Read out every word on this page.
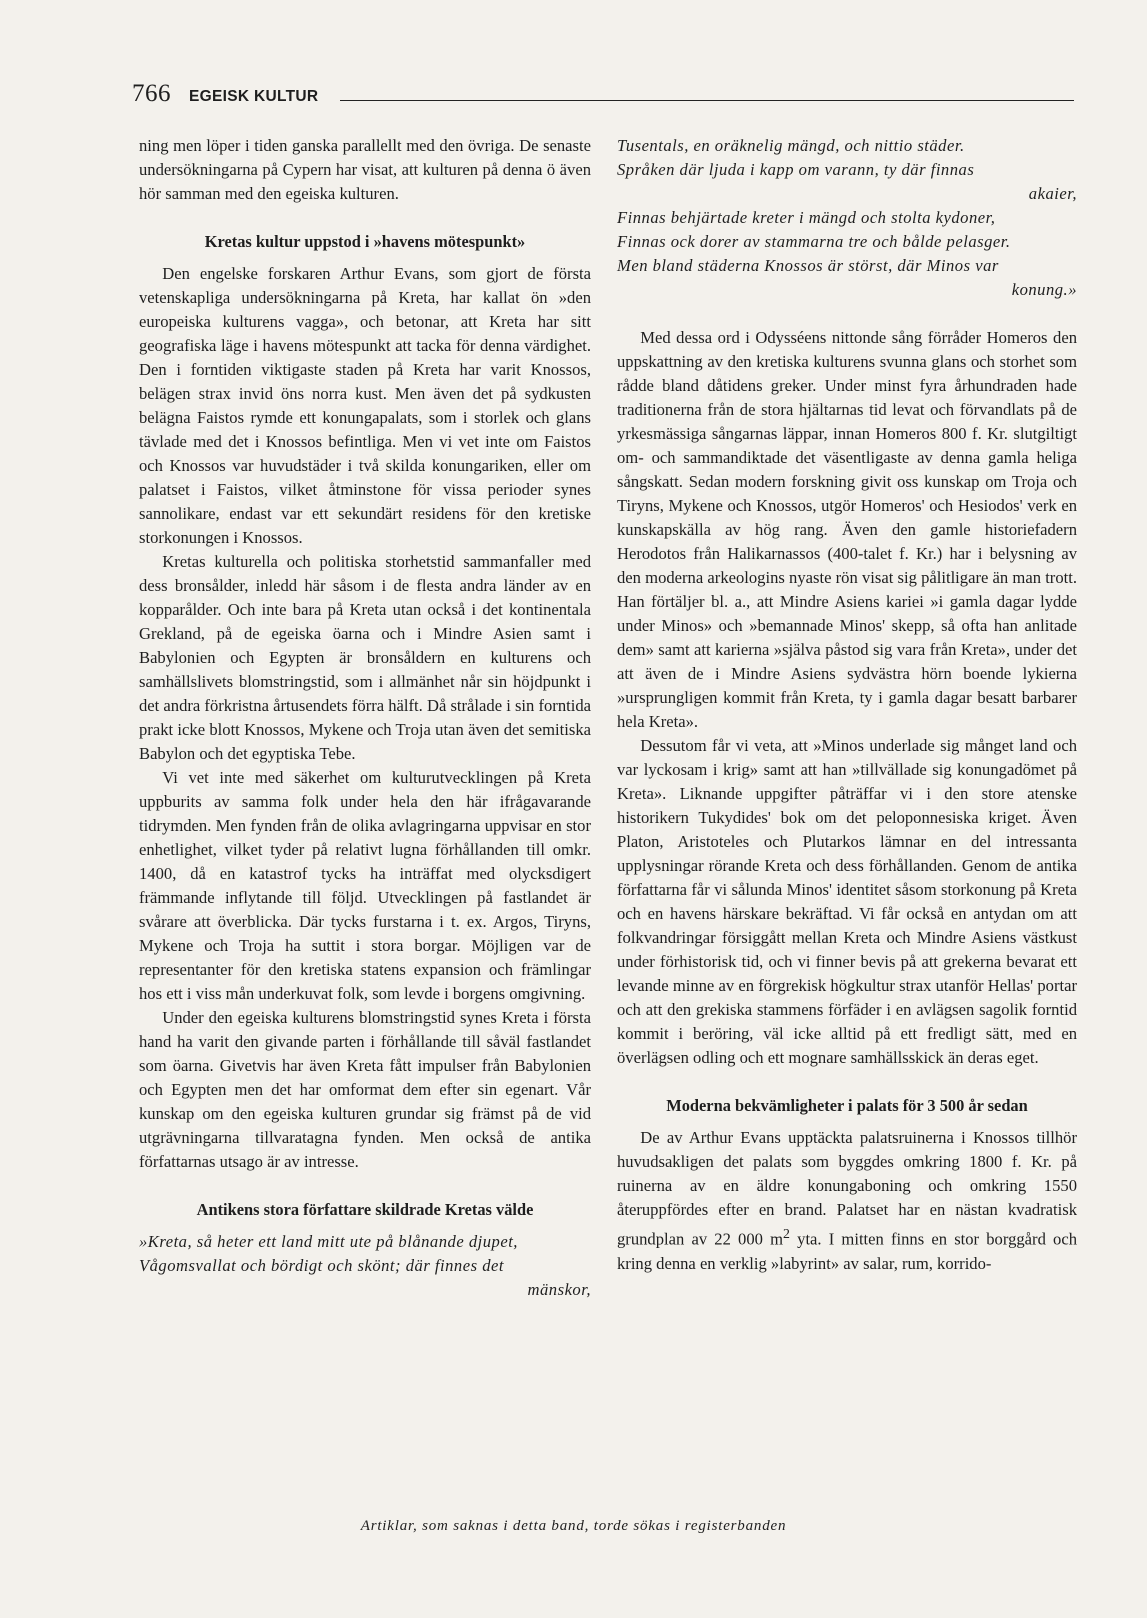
766 EGEISK KULTUR

ning men löper i tiden ganska parallellt med den övriga. De senaste undersökningarna på Cypern har visat, att kulturen på denna ö även hör samman med den egeiska kulturen.

Kretas kultur uppstod i »havens mötespunkt»

Den engelske forskaren Arthur Evans, som gjort de första vetenskapliga undersökningarna på Kreta, har kallat ön »den europeiska kulturens vagga», och betonar, att Kreta har sitt geografiska läge i havens mötespunkt att tacka för denna värdighet. Den i forntiden viktigaste staden på Kreta har varit Knossos, belägen strax invid öns norra kust. Men även det på sydkusten belägna Faistos rymde ett konungapalats, som i storlek och glans tävlade med det i Knossos befintliga. Men vi vet inte om Faistos och Knossos var huvudstäder i två skilda konungariken, eller om palatset i Faistos, vilket åtminstone för vissa perioder synes sannolikare, endast var ett sekundärt residens för den kretiske storkonungen i Knossos.

Kretas kulturella och politiska storhetstid sammanfaller med dess bronsålder, inledd här såsom i de flesta andra länder av en kopparålder. Och inte bara på Kreta utan också i det kontinentala Grekland, på de egeiska öarna och i Mindre Asien samt i Babylonien och Egypten är bronsåldern en kulturens och samhällslivets blomstringstid, som i allmänhet når sin höjdpunkt i det andra förkristna årtusendets förra hälft. Då strålade i sin forntida prakt icke blott Knossos, Mykene och Troja utan även det semitiska Babylon och det egyptiska Tebe.

Vi vet inte med säkerhet om kulturutvecklingen på Kreta uppburits av samma folk under hela den här ifrågavarande tidrymden. Men fynden från de olika avlagringarna uppvisar en stor enhetlighet, vilket tyder på relativt lugna förhållanden till omkr. 1400, då en katastrof tycks ha inträffat med olycksdigert främmande inflytande till följd. Utvecklingen på fastlandet är svårare att överblicka. Där tycks furstarna i t. ex. Argos, Tiryns, Mykene och Troja ha suttit i stora borgar. Möjligen var de representanter för den kretiska statens expansion och främlingar hos ett i viss mån underkuvat folk, som levde i borgens omgivning.

Under den egeiska kulturens blomstringstid synes Kreta i första hand ha varit den givande parten i förhållande till såväl fastlandet som öarna. Givetvis har även Kreta fått impulser från Babylonien och Egypten men det har omformat dem efter sin egenart. Vår kunskap om den egeiska kulturen grundar sig främst på de vid utgrävningarna tillvaratagna fynden. Men också de antika författarnas utsago är av intresse.

Antikens stora författare skildrade Kretas välde
»Kreta, så heter ett land mitt ute på blånande djupet,
Vågomsvallat och bördigt och skönt; där finnes det
mänskor,
Tusentals, en oräknelig mängd, och nittio städer.
Språken där ljuda i kapp om varann, ty där finnas
akaier,
Finnas behjärtade kreter i mängd och stolta kydoner,
Finnas ock dorer av stammarna tre och bålde pelasger.
Men bland städerna Knossos är störst, där Minos var
konung.»

Med dessa ord i Odysséens nittonde sång förråder Homeros den uppskattning av den kretiska kulturens svunna glans och storhet som rådde bland dåtidens greker. Under minst fyra århundraden hade traditionerna från de stora hjältarnas tid levat och förvandlats på de yrkesmässiga sångarnas läppar, innan Homeros 800 f. Kr. slutgiltigt om- och sammandiktade det väsentligaste av denna gamla heliga sångskatt. Sedan modern forskning givit oss kunskap om Troja och Tiryns, Mykene och Knossos, utgör Homeros' och Hesiodos' verk en kunskapskälla av hög rang. Även den gamle historiefadern Herodotos från Halikarnassos (400-talet f. Kr.) har i belysning av den moderna arkeologins nyaste rön visat sig pålitligare än man trott. Han förtäljer bl. a., att Mindre Asiens kariei »i gamla dagar lydde under Minos» och »bemannade Minos' skepp, så ofta han anlitade dem» samt att karierna »själva påstod sig vara från Kreta», under det att även de i Mindre Asiens sydvästra hörn boende lykierna »ursprungligen kommit från Kreta, ty i gamla dagar besatt barbarer hela Kreta».

Dessutom får vi veta, att »Minos underlade sig månget land och var lyckosam i krig» samt att han »tillvällade sig konungadömet på Kreta». Liknande uppgifter påträffar vi i den store atenske historikern Tukydides' bok om det peloponnesiska kriget. Även Platon, Aristoteles och Plutarkos lämnar en del intressanta upplysningar rörande Kreta och dess förhållanden. Genom de antika författarna får vi sålunda Minos' identitet såsom storkonung på Kreta och en havens härskare bekräftad. Vi får också en antydan om att folkvandringar försiggått mellan Kreta och Mindre Asiens västkust under förhistorisk tid, och vi finner bevis på att grekerna bevarat ett levande minne av en förgrekisk högkultur strax utanför Hellas' portar och att den grekiska stammens förfäder i en avlägsen sagolik forntid kommit i beröring, väl icke alltid på ett fredligt sätt, med en överlägsen odling och ett mognare samhällsskick än deras eget.

Moderna bekvämligheter i palats för 3 500 år sedan

De av Arthur Evans upptäckta palatsruinerna i Knossos tillhör huvudsakligen det palats som byggdes omkring 1800 f. Kr. på ruinerna av en äldre konungaboning och omkring 1550 återuppfördes efter en brand. Palatset har en nästan kvadratisk grundplan av 22 000 $m^2$ yta. I mitten finns en stor borggård och kring denna en verklig »labyrint» av salar, rum, korrido-

Artiklar, som saknas i detta band, torde sökas i registerbanden
